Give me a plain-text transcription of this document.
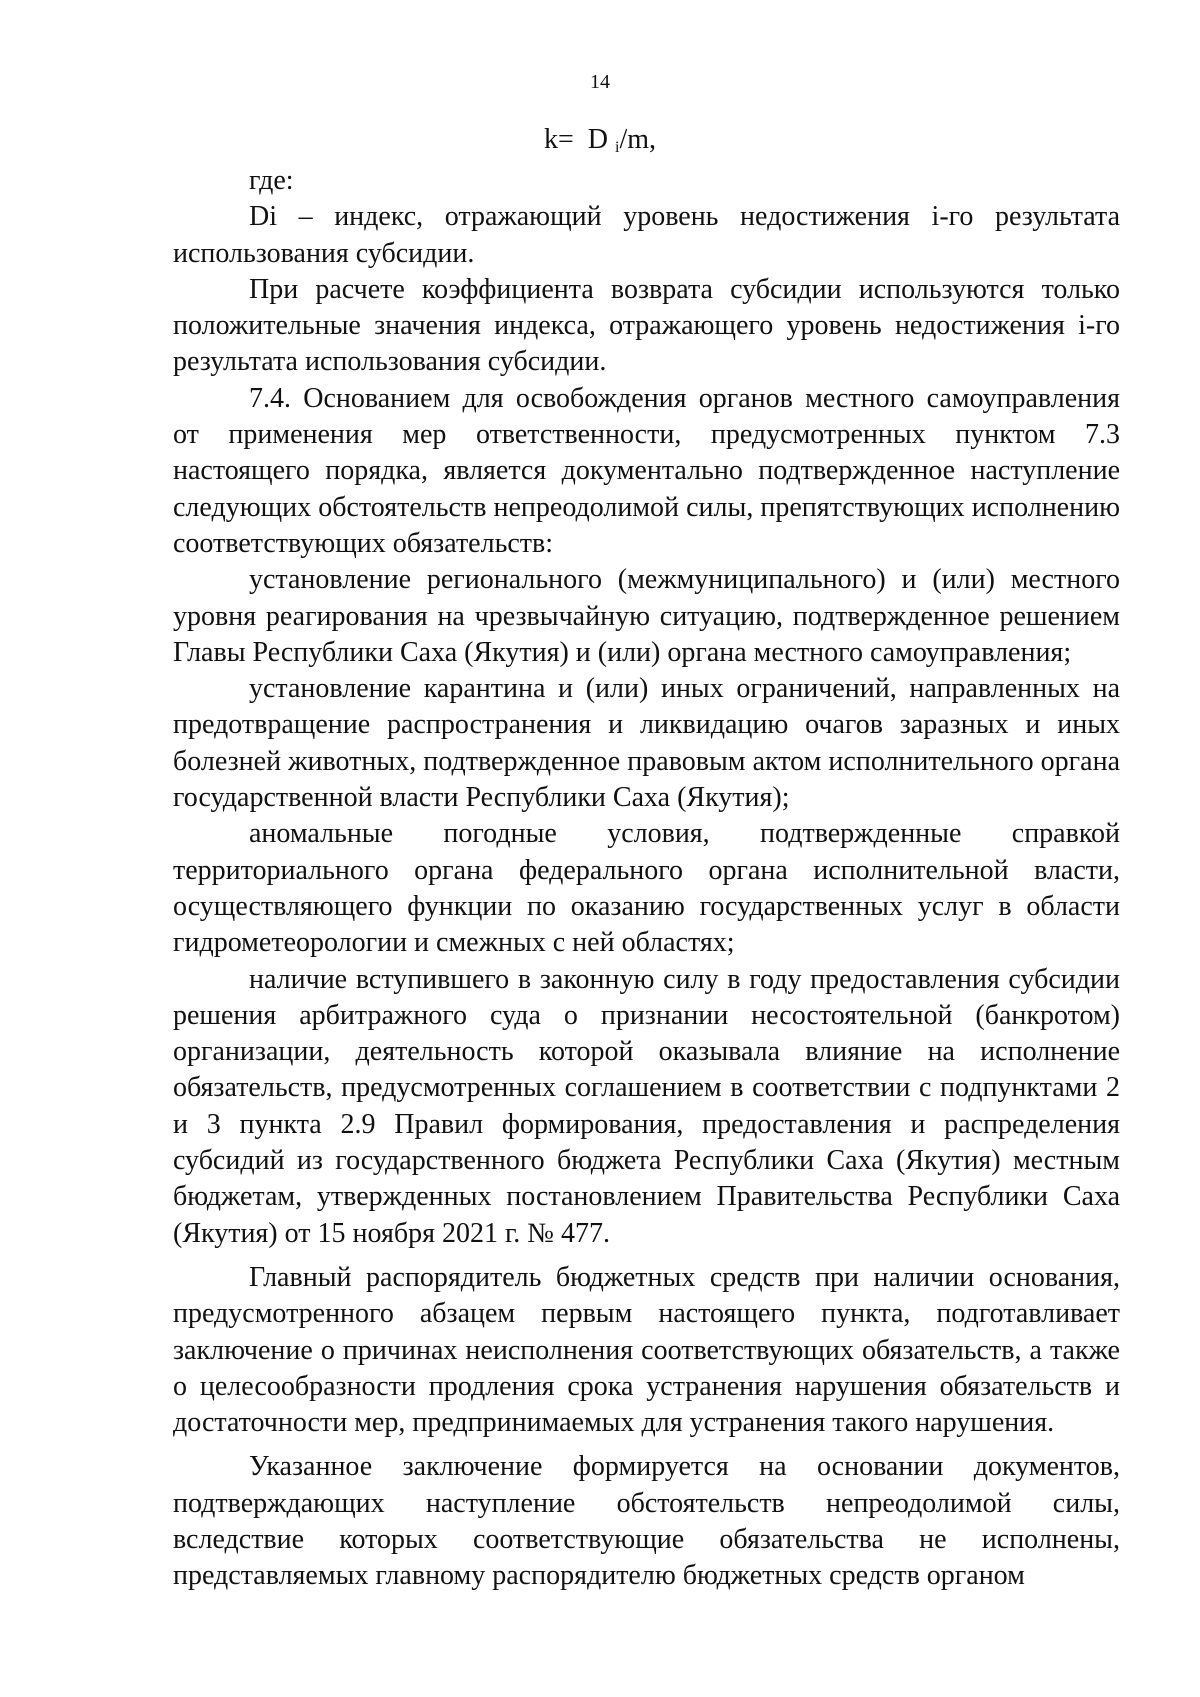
14
k= D $_i$/m,

где:

Di – индекс, отражающий уровень недостижения i-го результата использования субсидии.

При расчете коэффициента возврата субсидии используются только положительные значения индекса, отражающего уровень недостижения i-го результата использования субсидии.

7.4. Основанием для освобождения органов местного самоуправления от применения мер ответственности, предусмотренных пунктом 7.3 настоящего порядка, является документально подтвержденное наступление следующих обстоятельств непреодолимой силы, препятствующих исполнению соответствующих обязательств:

установление регионального (межмуниципального) и (или) местного уровня реагирования на чрезвычайную ситуацию, подтвержденное решением Главы Республики Саха (Якутия) и (или) органа местного самоуправления;

установление карантина и (или) иных ограничений, направленных на предотвращение распространения и ликвидацию очагов заразных и иных болезней животных, подтвержденное правовым актом исполнительного органа государственной власти Республики Саха (Якутия);

аномальные погодные условия, подтвержденные справкой территориального органа федерального органа исполнительной власти, осуществляющего функции по оказанию государственных услуг в области гидрометеорологии и смежных с ней областях;

наличие вступившего в законную силу в году предоставления субсидии решения арбитражного суда о признании несостоятельной (банкротом) организации, деятельность которой оказывала влияние на исполнение обязательств, предусмотренных соглашением в соответствии с подпунктами 2 и 3 пункта 2.9 Правил формирования, предоставления и распределения субсидий из государственного бюджета Республики Саха (Якутия) местным бюджетам, утвержденных постановлением Правительства Республики Саха (Якутия) от 15 ноября 2021 г. № 477.

Главный распорядитель бюджетных средств при наличии основания, предусмотренного абзацем первым настоящего пункта, подготавливает заключение о причинах неисполнения соответствующих обязательств, а также о целесообразности продления срока устранения нарушения обязательств и достаточности мер, предпринимаемых для устранения такого нарушения.

Указанное заключение формируется на основании документов, подтверждающих наступление обстоятельств непреодолимой силы, вследствие которых соответствующие обязательства не исполнены, представляемых главному распорядителю бюджетных средств органом
